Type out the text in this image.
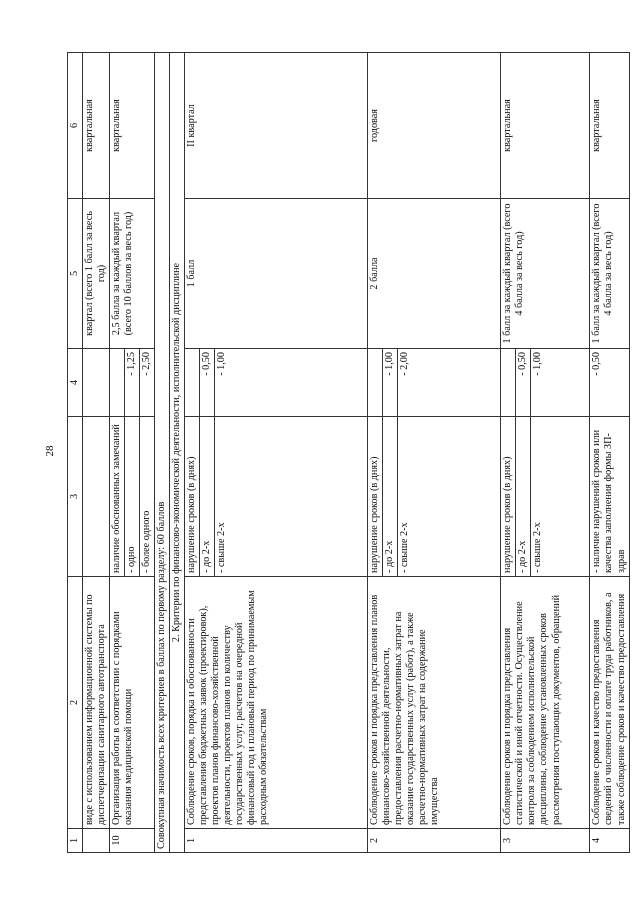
28
1	2	3	4	5	6
	виде с использованием информационной системы по диспетчеризации санитарного автотранспорта			квартал (всего 1 балл за весь год)	квартальная
10	Организация работы в соответствии с порядками оказания медицинской помощи	наличие обоснованных замечаний		2,5 балла за каждый квартал (всего 10 баллов за весь год)	квартальная
		- одно	- 1,25		
		- более одного	- 2,50		
Совокупная значимость всех критериев в баллах по первому разделу: 60 баллов					
2. Критерии по финансово-экономической деятельности, исполнительской дисциплине					
1	Соблюдение сроков, порядка и обоснованности представления бюджетных заявок (проектировок), проектов планов финансово-хозяйственной деятельности, проектов планов по количеству государственных услуг, расчетов на очередной финансовый год и плановый период по принимаемым расходным обязательствам	нарушение сроков (в днях)		1 балл	II квартал
		- до 2-х	- 0,50		
		- свыше 2-х	- 1,00		
2	Соблюдение сроков и порядка представления планов финансово-хозяйственной деятельности, предоставления расчетно-нормативных затрат на оказание государственных услуг (работ), а также расчетно-нормативных затрат на содержание имущества	нарушение сроков (в днях)		2 балла	годовая
		- до 2-х	- 1,00		
		- свыше 2-х	- 2,00		
3	Соблюдение сроков и порядка представления статистической и иной отчетности. Осуществление контроля за соблюдением исполнительской дисциплины, соблюдение установленных сроков рассмотрения поступающих документов, обращений	нарушение сроков (в днях)		1 балл за каждый квартал (всего 4 балла за весь год)	квартальная
		- до 2-х	- 0,50		
		- свыше 2-х	- 1,00		
4	Соблюдение сроков и качество предоставления сведений о численности и оплате труда работников, а также соблюдение сроков и качество предоставления	- наличие нарушений сроков или качества заполнения формы ЗП-здрав	- 0,50	1 балл за каждый квартал (всего 4 балла за весь год)	квартальная
